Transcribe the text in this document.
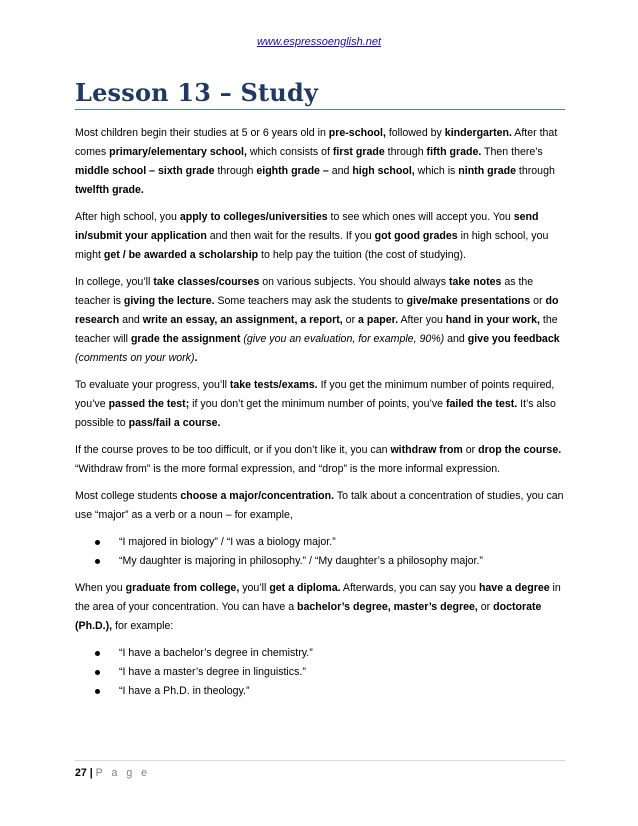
www.espressoenglish.net
Lesson 13 – Study

Most children begin their studies at 5 or 6 years old in pre-school, followed by kindergarten. After that comes primary/elementary school, which consists of first grade through fifth grade. Then there’s middle school – sixth grade through eighth grade – and high school, which is ninth grade through twelfth grade.

After high school, you apply to colleges/universities to see which ones will accept you. You send in/submit your application and then wait for the results. If you got good grades in high school, you might get / be awarded a scholarship to help pay the tuition (the cost of studying).

In college, you’ll take classes/courses on various subjects. You should always take notes as the teacher is giving the lecture. Some teachers may ask the students to give/make presentations or do research and write an essay, an assignment, a report, or a paper. After you hand in your work, the teacher will grade the assignment (give you an evaluation, for example, 90%) and give you feedback (comments on your work).

To evaluate your progress, you’ll take tests/exams. If you get the minimum number of points required, you’ve passed the test; if you don’t get the minimum number of points, you’ve failed the test. It’s also possible to pass/fail a course.

If the course proves to be too difficult, or if you don’t like it, you can withdraw from or drop the course. “Withdraw from” is the more formal expression, and “drop” is the more informal expression.

Most college students choose a major/concentration. To talk about a concentration of studies, you can use “major” as a verb or a noun – for example,

“I majored in biology” / “I was a biology major.”
“My daughter is majoring in philosophy.” / “My daughter’s a philosophy major.”

When you graduate from college, you’ll get a diploma. Afterwards, you can say you have a degree in the area of your concentration. You can have a bachelor’s degree, master’s degree, or doctorate (Ph.D.), for example:

“I have a bachelor’s degree in chemistry.”
“I have a master’s degree in linguistics.”
“I have a Ph.D. in theology.”
27 | P a g e
